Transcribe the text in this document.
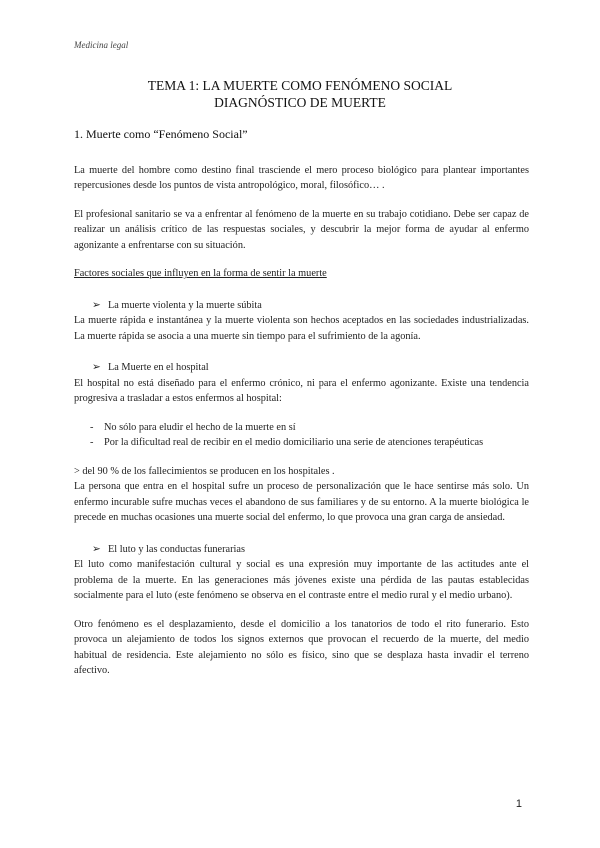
Medicina legal
TEMA 1: LA MUERTE COMO FENÓMENO SOCIAL
DIAGNÓSTICO DE MUERTE
1. Muerte como “Fenómeno Social”

La muerte del hombre como destino final trasciende el mero proceso biológico para plantear importantes repercusiones desde los puntos de vista antropológico, moral, filosófico… .

El profesional sanitario se va a enfrentar al fenómeno de la muerte en su trabajo cotidiano. Debe ser capaz de realizar un análisis crítico de las respuestas sociales, y descubrir la mejor forma de ayudar al enfermo agonizante a enfrentarse con su situación.

Factores sociales que influyen en la forma de sentir la muerte

➢ La muerte violenta y la muerte súbita

La muerte rápida e instantánea y la muerte violenta son hechos aceptados en las sociedades industrializadas. La muerte rápida se asocia a una muerte sin tiempo para el sufrimiento de la agonía.

➢ La Muerte en el hospital

El hospital no está diseñado para el enfermo crónico, ni para el enfermo agonizante. Existe una tendencia progresiva a trasladar a estos enfermos al hospital:

- No sólo para eludir el hecho de la muerte en sí
- Por la dificultad real de recibir en el medio domiciliario una serie de atenciones terapéuticas

> del 90 % de los fallecimientos se producen en los hospitales .

La persona que entra en el hospital sufre un proceso de personalización que le hace sentirse más solo. Un enfermo incurable sufre muchas veces el abandono de sus familiares y de su entorno. A la muerte biológica le precede en muchas ocasiones una muerte social del enfermo, lo que provoca una gran carga de ansiedad.

➢ El luto y las conductas funerarias

El luto como manifestación cultural y social es una expresión muy importante de las actitudes ante el problema de la muerte. En las generaciones más jóvenes existe una pérdida de las pautas establecidas socialmente para el luto (este fenómeno se observa en el contraste entre el medio rural y el medio urbano).

Otro fenómeno es el desplazamiento, desde el domicilio a los tanatorios de todo el rito funerario. Esto provoca un alejamiento de todos los signos externos que provocan el recuerdo de la muerte, del medio habitual de residencia. Este alejamiento no sólo es físico, sino que se desplaza hasta invadir el terreno afectivo.

1
